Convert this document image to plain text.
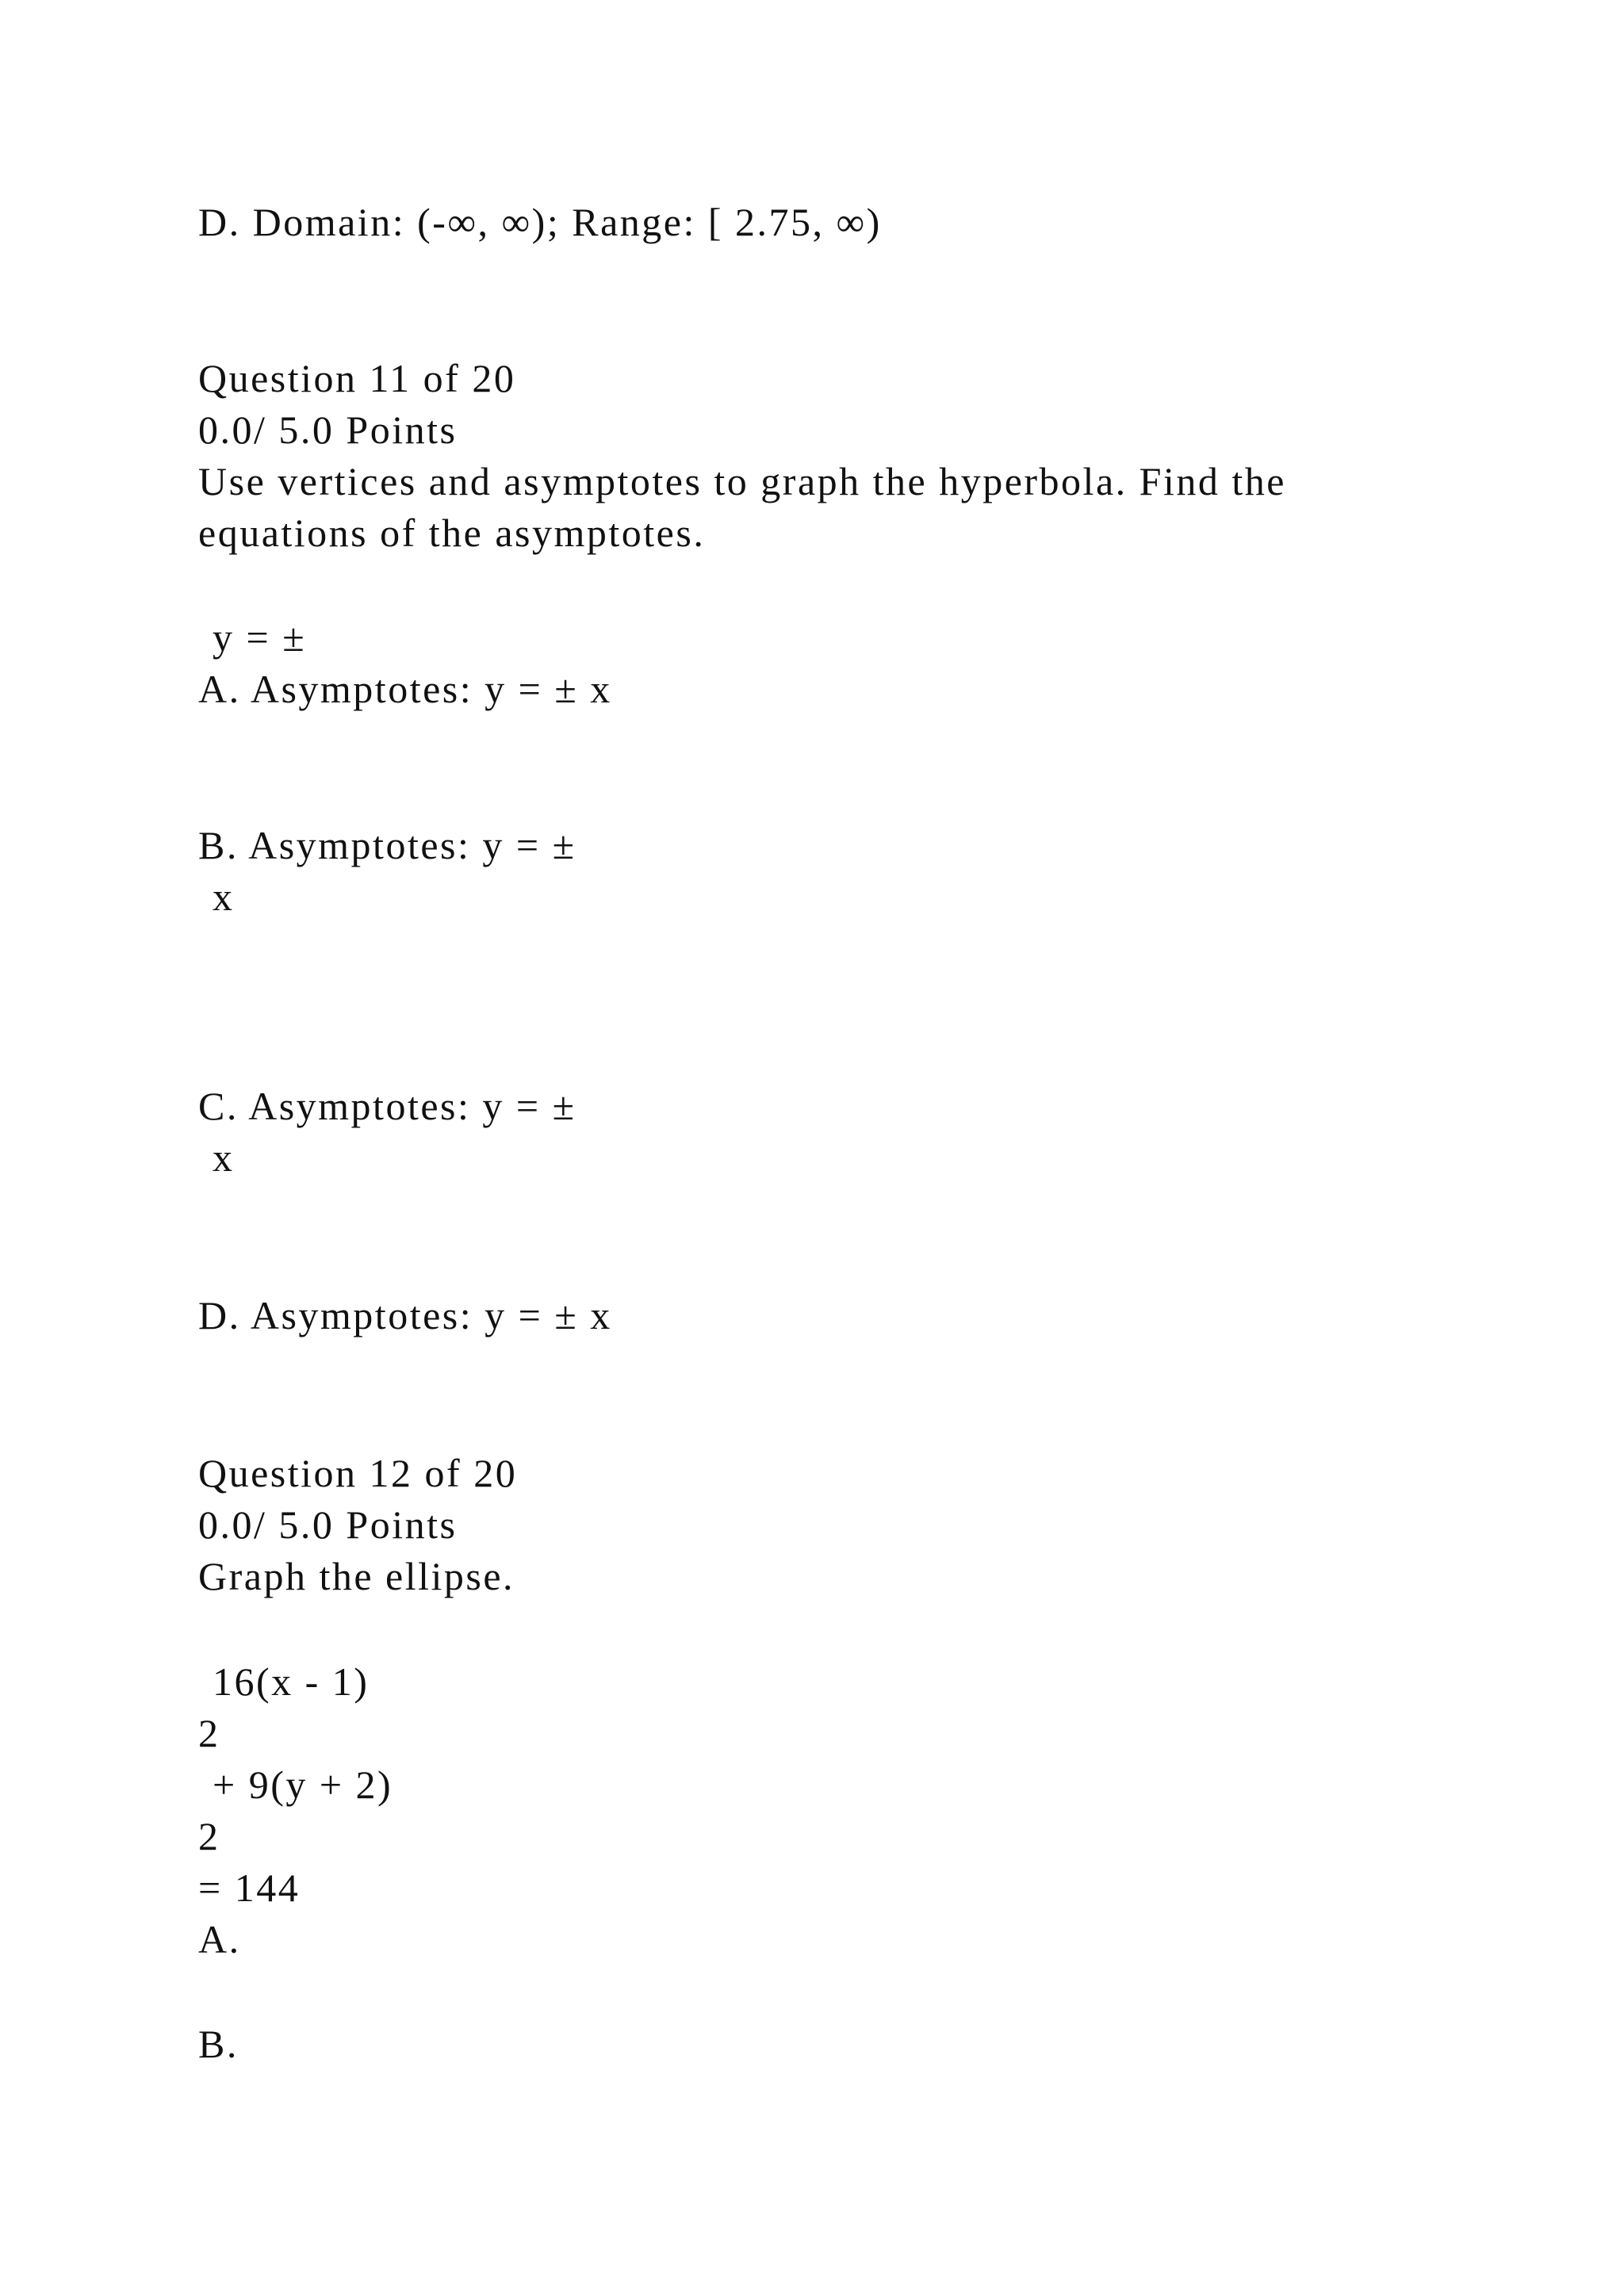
D. Domain: (-∞, ∞); Range: [ 2.75, ∞)

Question 11 of 20

0.0/ 5.0 Points

Use vertices and asymptotes to graph the hyperbola. Find the

equations of the asymptotes.

y = ±

A. Asymptotes: y = ± x

B. Asymptotes: y = ±

x

C. Asymptotes: y = ±

x

D. Asymptotes: y = ± x

Question 12 of 20

0.0/ 5.0 Points

Graph the ellipse.

16(x - 1)

2

+ 9(y + 2)

2

= 144

A.

B.
